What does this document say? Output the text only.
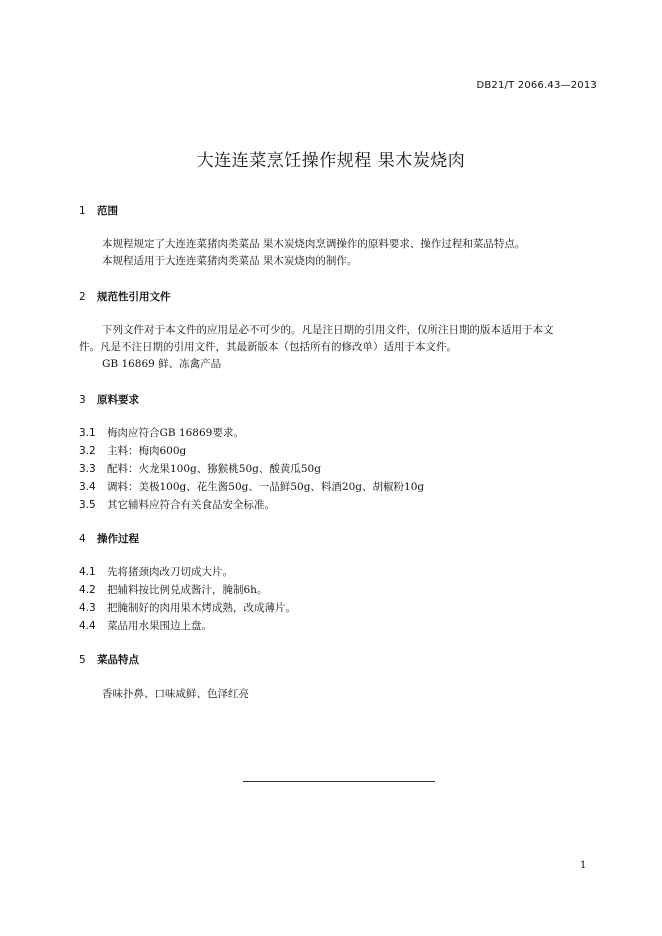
DB21/T 2066.43—2013
大连连菜烹饪操作规程 果木炭烧肉
1 范围
本规程规定了大连连菜猪肉类菜品 果木炭烧肉烹调操作的原料要求、操作过程和菜品特点。
本规程适用于大连连菜猪肉类菜品 果木炭烧肉的制作。
2 规范性引用文件
下列文件对于本文件的应用是必不可少的。凡是注日期的引用文件，仅所注日期的版本适用于本文
件。凡是不注日期的引用文件，其最新版本（包括所有的修改单）适用于本文件。
GB 16869 鲜、冻禽产品
3 原料要求
3.1 梅肉应符合GB 16869要求。
3.2 主料：梅肉600g
3.3 配料：火龙果100g、猕猴桃50g、酸黄瓜50g
3.4 调料：美极100g、花生酱50g、一品鲜50g、料酒20g、胡椒粉10g
3.5 其它辅料应符合有关食品安全标准。
4 操作过程
4.1 先将猪颈肉改刀切成大片。
4.2 把辅料按比例兑成酱汁，腌制6h。
4.3 把腌制好的肉用果木烤成熟，改成薄片。
4.4 菜品用水果围边上盘。
5 菜品特点
香味扑鼻、口味咸鲜、色泽红亮
1
